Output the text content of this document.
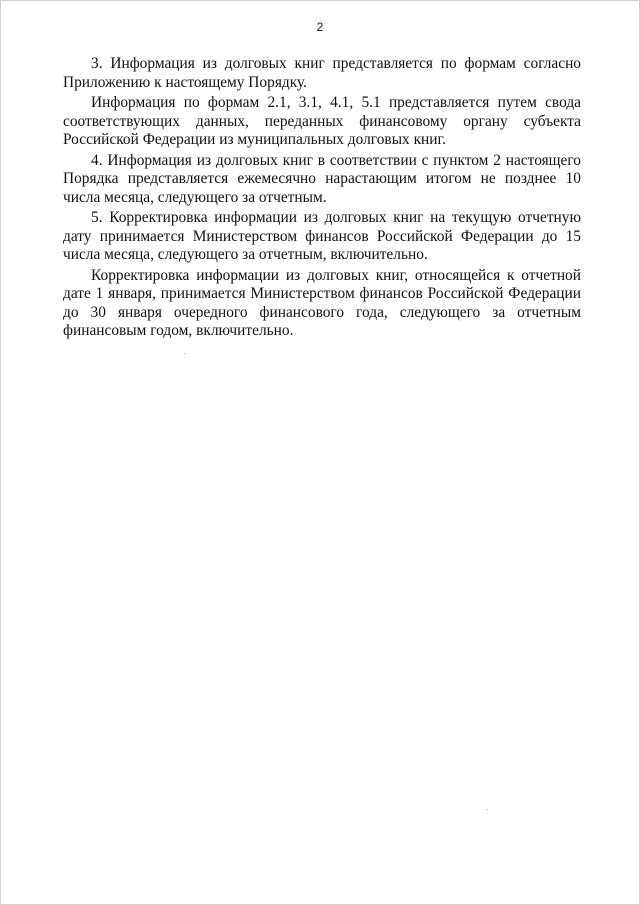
2

3. Информация из долговых книг представляется по формам согласно Приложению к настоящему Порядку.

Информация по формам 2.1, 3.1, 4.1, 5.1 представляется путем свода соответствующих данных, переданных финансовому органу субъекта Российской Федерации из муниципальных долговых книг.

4. Информация из долговых книг в соответствии с пунктом 2 настоящего Порядка представляется ежемесячно нарастающим итогом не позднее 10 числа месяца, следующего за отчетным.

5. Корректировка информации из долговых книг на текущую отчетную дату принимается Министерством финансов Российской Федерации до 15 числа месяца, следующего за отчетным, включительно.

Корректировка информации из долговых книг, относящейся к отчетной дате 1 января, принимается Министерством финансов Российской Федерации до 30 января очередного финансового года, следующего за отчетным финансовым годом, включительно.
